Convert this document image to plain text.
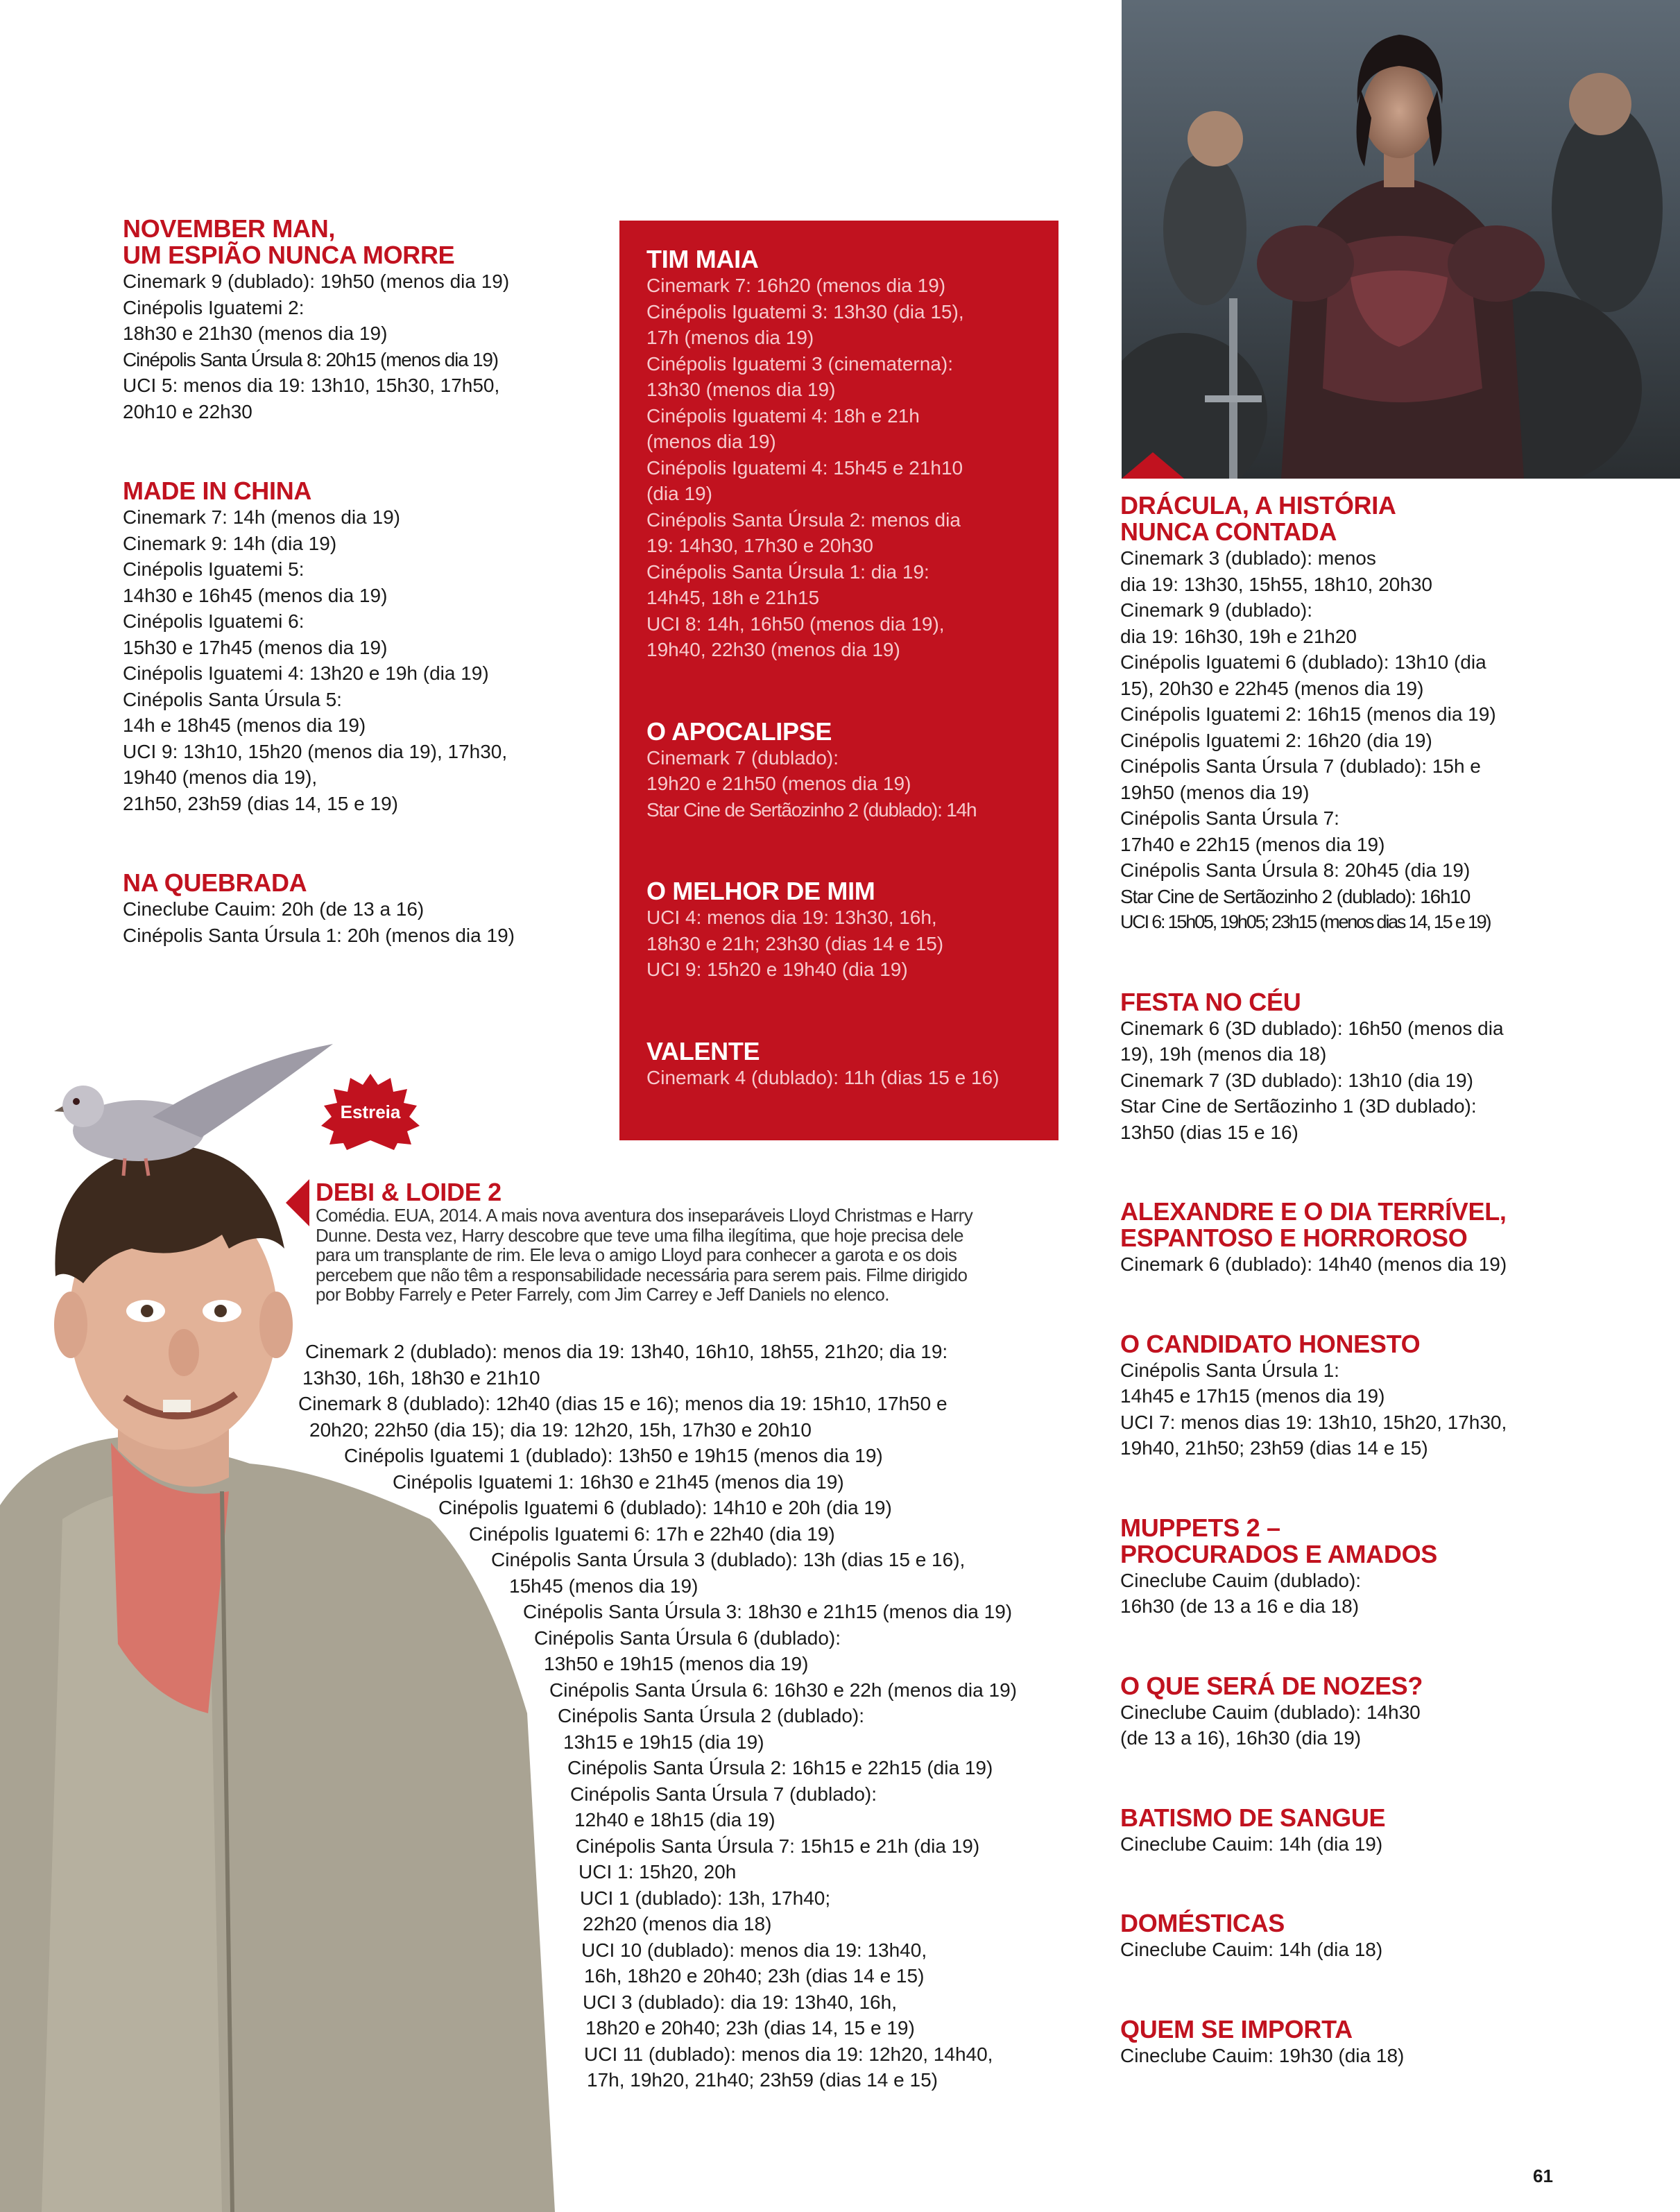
Estreia
NOVEMBER MAN,
UM ESPIÃO NUNCA MORRE
Cinemark 9 (dublado): 19h50 (menos dia 19)
Cinépolis Iguatemi 2:
18h30 e 21h30 (menos dia 19)
Cinépolis Santa Úrsula 8: 20h15 (menos dia 19)
UCI 5: menos dia 19: 13h10, 15h30, 17h50,
20h10 e 22h30
MADE IN CHINA
Cinemark 7: 14h (menos dia 19)
Cinemark 9: 14h (dia 19)
Cinépolis Iguatemi 5:
14h30 e 16h45 (menos dia 19)
Cinépolis Iguatemi 6:
15h30 e 17h45 (menos dia 19)
Cinépolis Iguatemi 4: 13h20 e 19h (dia 19)
Cinépolis Santa Úrsula 5:
14h e 18h45 (menos dia 19)
UCI 9: 13h10, 15h20 (menos dia 19), 17h30,
19h40 (menos dia 19),
21h50, 23h59 (dias 14, 15 e 19)
NA QUEBRADA
Cineclube Cauim: 20h (de 13 a 16)
Cinépolis Santa Úrsula 1: 20h (menos dia 19)
TIM MAIA
Cinemark 7: 16h20 (menos dia 19)
Cinépolis Iguatemi 3: 13h30 (dia 15),
17h (menos dia 19)
Cinépolis Iguatemi 3 (cinematerna):
13h30 (menos dia 19)
Cinépolis Iguatemi 4: 18h e 21h
(menos dia 19)
Cinépolis Iguatemi 4: 15h45 e 21h10
(dia 19)
Cinépolis Santa Úrsula 2: menos dia
19: 14h30, 17h30 e 20h30
Cinépolis Santa Úrsula 1: dia 19:
14h45, 18h e 21h15
UCI 8: 14h, 16h50 (menos dia 19),
19h40, 22h30 (menos dia 19)
O APOCALIPSE
Cinemark 7 (dublado):
19h20 e 21h50 (menos dia 19)
Star Cine de Sertãozinho 2 (dublado): 14h
O MELHOR DE MIM
UCI 4: menos dia 19: 13h30, 16h,
18h30 e 21h; 23h30 (dias 14 e 15)
UCI 9: 15h20 e 19h40 (dia 19)
VALENTE
Cinemark 4 (dublado): 11h (dias 15 e 16)
DRÁCULA, A HISTÓRIA
NUNCA CONTADA
Cinemark 3 (dublado): menos
dia 19: 13h30, 15h55, 18h10, 20h30
Cinemark 9 (dublado):
dia 19: 16h30, 19h e 21h20
Cinépolis Iguatemi 6 (dublado): 13h10 (dia
15), 20h30 e 22h45 (menos dia 19)
Cinépolis Iguatemi 2: 16h15 (menos dia 19)
Cinépolis Iguatemi 2: 16h20 (dia 19)
Cinépolis Santa Úrsula 7 (dublado): 15h e
19h50 (menos dia 19)
Cinépolis Santa Úrsula 7:
17h40 e 22h15 (menos dia 19)
Cinépolis Santa Úrsula 8: 20h45 (dia 19)
Star Cine de Sertãozinho 2 (dublado): 16h10
UCI 6: 15h05, 19h05; 23h15 (menos dias 14, 15 e 19)
FESTA NO CÉU
Cinemark 6 (3D dublado): 16h50 (menos dia
19), 19h (menos dia 18)
Cinemark 7 (3D dublado): 13h10 (dia 19)
Star Cine de Sertãozinho 1 (3D dublado):
13h50 (dias 15 e 16)
ALEXANDRE E O DIA TERRÍVEL,
ESPANTOSO E HORROROSO
Cinemark 6 (dublado): 14h40 (menos dia 19)
O CANDIDATO HONESTO
Cinépolis Santa Úrsula 1:
14h45 e 17h15 (menos dia 19)
UCI 7: menos dias 19: 13h10, 15h20, 17h30,
19h40, 21h50; 23h59 (dias 14 e 15)
MUPPETS 2 –
PROCURADOS E AMADOS
Cineclube Cauim (dublado):
16h30 (de 13 a 16 e dia 18)
O QUE SERÁ DE NOZES?
Cineclube Cauim (dublado): 14h30
(de 13 a 16), 16h30 (dia 19)
BATISMO DE SANGUE
Cineclube Cauim: 14h (dia 19)
DOMÉSTICAS
Cineclube Cauim: 14h (dia 18)
QUEM SE IMPORTA
Cineclube Cauim: 19h30 (dia 18)
DEBI & LOIDE 2
Comédia. EUA, 2014. A mais nova aventura dos inseparáveis Lloyd Christmas e Harry
Dunne. Desta vez, Harry descobre que teve uma filha ilegítima, que hoje precisa dele
para um transplante de rim. Ele leva o amigo Lloyd para conhecer a garota e os dois
percebem que não têm a responsabilidade necessária para serem pais. Filme dirigido
por Bobby Farrely e Peter Farrely, com Jim Carrey e Jeff Daniels no elenco.
Cinemark 2 (dublado): menos dia 19: 13h40, 16h10, 18h55, 21h20; dia 19:
13h30, 16h, 18h30 e 21h10
Cinemark 8 (dublado): 12h40 (dias 15 e 16); menos dia 19: 15h10, 17h50 e
20h20; 22h50 (dia 15); dia 19: 12h20, 15h, 17h30 e 20h10
Cinépolis Iguatemi 1 (dublado): 13h50 e 19h15 (menos dia 19)
Cinépolis Iguatemi 1: 16h30 e 21h45 (menos dia 19)
Cinépolis Iguatemi 6 (dublado): 14h10 e 20h (dia 19)
Cinépolis Iguatemi 6: 17h e 22h40 (dia 19)
Cinépolis Santa Úrsula 3 (dublado): 13h (dias 15 e 16),
15h45 (menos dia 19)
Cinépolis Santa Úrsula 3: 18h30 e 21h15 (menos dia 19)
Cinépolis Santa Úrsula 6 (dublado):
13h50 e 19h15 (menos dia 19)
Cinépolis Santa Úrsula 6: 16h30 e 22h (menos dia 19)
Cinépolis Santa Úrsula 2 (dublado):
13h15 e 19h15 (dia 19)
Cinépolis Santa Úrsula 2: 16h15 e 22h15 (dia 19)
Cinépolis Santa Úrsula 7 (dublado):
12h40 e 18h15 (dia 19)
Cinépolis Santa Úrsula 7: 15h15 e 21h (dia 19)
UCI 1: 15h20, 20h
UCI 1 (dublado): 13h, 17h40;
22h20 (menos dia 18)
UCI 10 (dublado): menos dia 19: 13h40,
16h, 18h20 e 20h40; 23h (dias 14 e 15)
UCI 3 (dublado): dia 19: 13h40, 16h,
18h20 e 20h40; 23h (dias 14, 15 e 19)
UCI 11 (dublado): menos dia 19: 12h20, 14h40,
17h, 19h20, 21h40; 23h59 (dias 14 e 15)
61
